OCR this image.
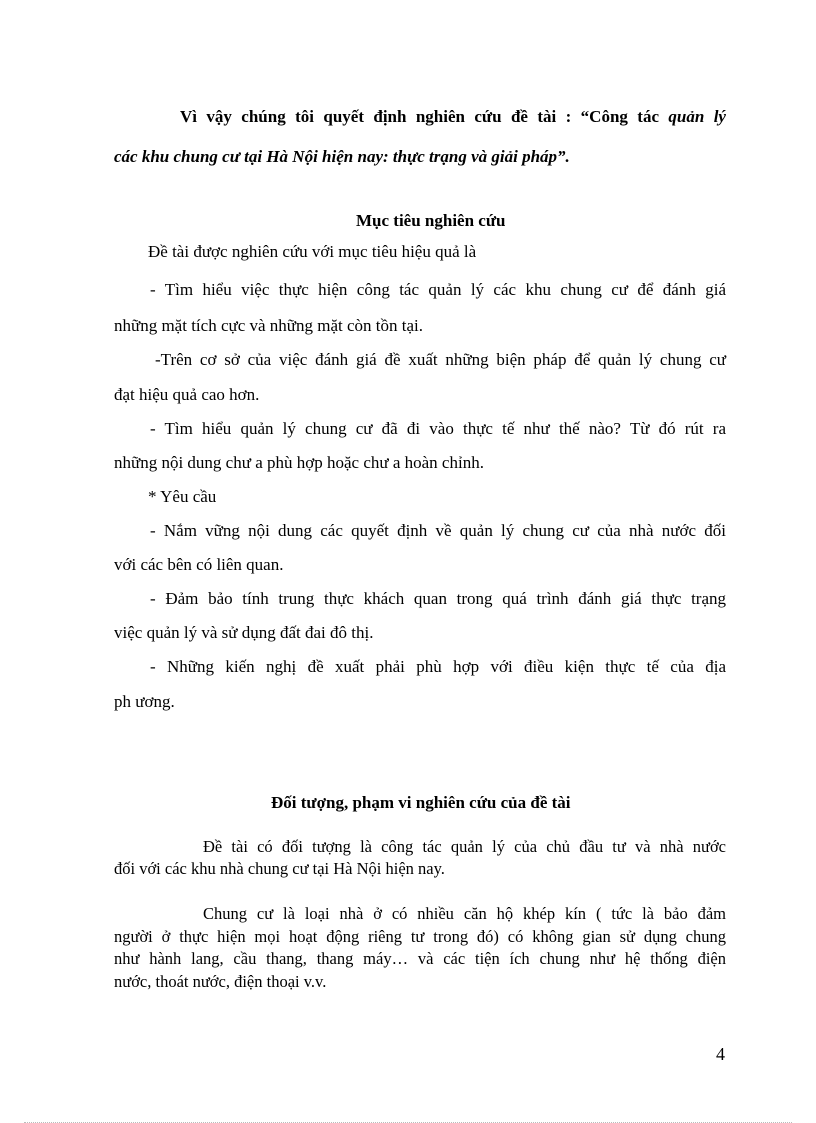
Vì vậy chúng tôi quyết định nghiên cứu đề tài : “Công tác quản lý

các khu chung cư tại Hà Nội hiện nay: thực trạng và giải pháp”.

Mục tiêu nghiên cứu

Đề tài được nghiên cứu với mục tiêu hiệu quả là

- Tìm hiểu việc thực hiện công tác quản lý các khu chung cư để đánh giá

những mặt tích cực và những mặt còn tồn tại.

-Trên cơ sở của việc đánh giá đề xuất những biện pháp để quản lý chung cư

đạt hiệu quả cao hơn.

- Tìm hiểu quản lý chung cư đã đi vào thực tế như thế nào? Từ đó rút ra

những nội dung chư a phù hợp hoặc chư a hoàn chỉnh.

* Yêu cầu

- Nắm vững nội dung các quyết định về quản lý chung cư của nhà nước đối

với các bên có liên quan.

- Đảm bảo tính trung thực khách quan trong quá trình đánh giá thực trạng

việc quản lý và sử dụng đất đai đô thị.

- Những kiến nghị đề xuất phải phù hợp với điều kiện thực tế của địa

ph ương.

Đối tượng, phạm vi nghiên cứu của đề tài

Đề tài có đối tượng là công tác quản lý của chủ đầu tư và nhà nước

đối với các khu nhà chung cư tại Hà Nội hiện nay.

Chung cư là loại nhà ở có nhiều căn hộ khép kín ( tức là bảo đảm

người ở thực hiện mọi hoạt động riêng tư trong đó) có không gian sử dụng chung

như hành lang, cầu thang, thang máy… và các tiện ích chung như hệ thống điện

nước, thoát nước, điện thoại v.v.

4
